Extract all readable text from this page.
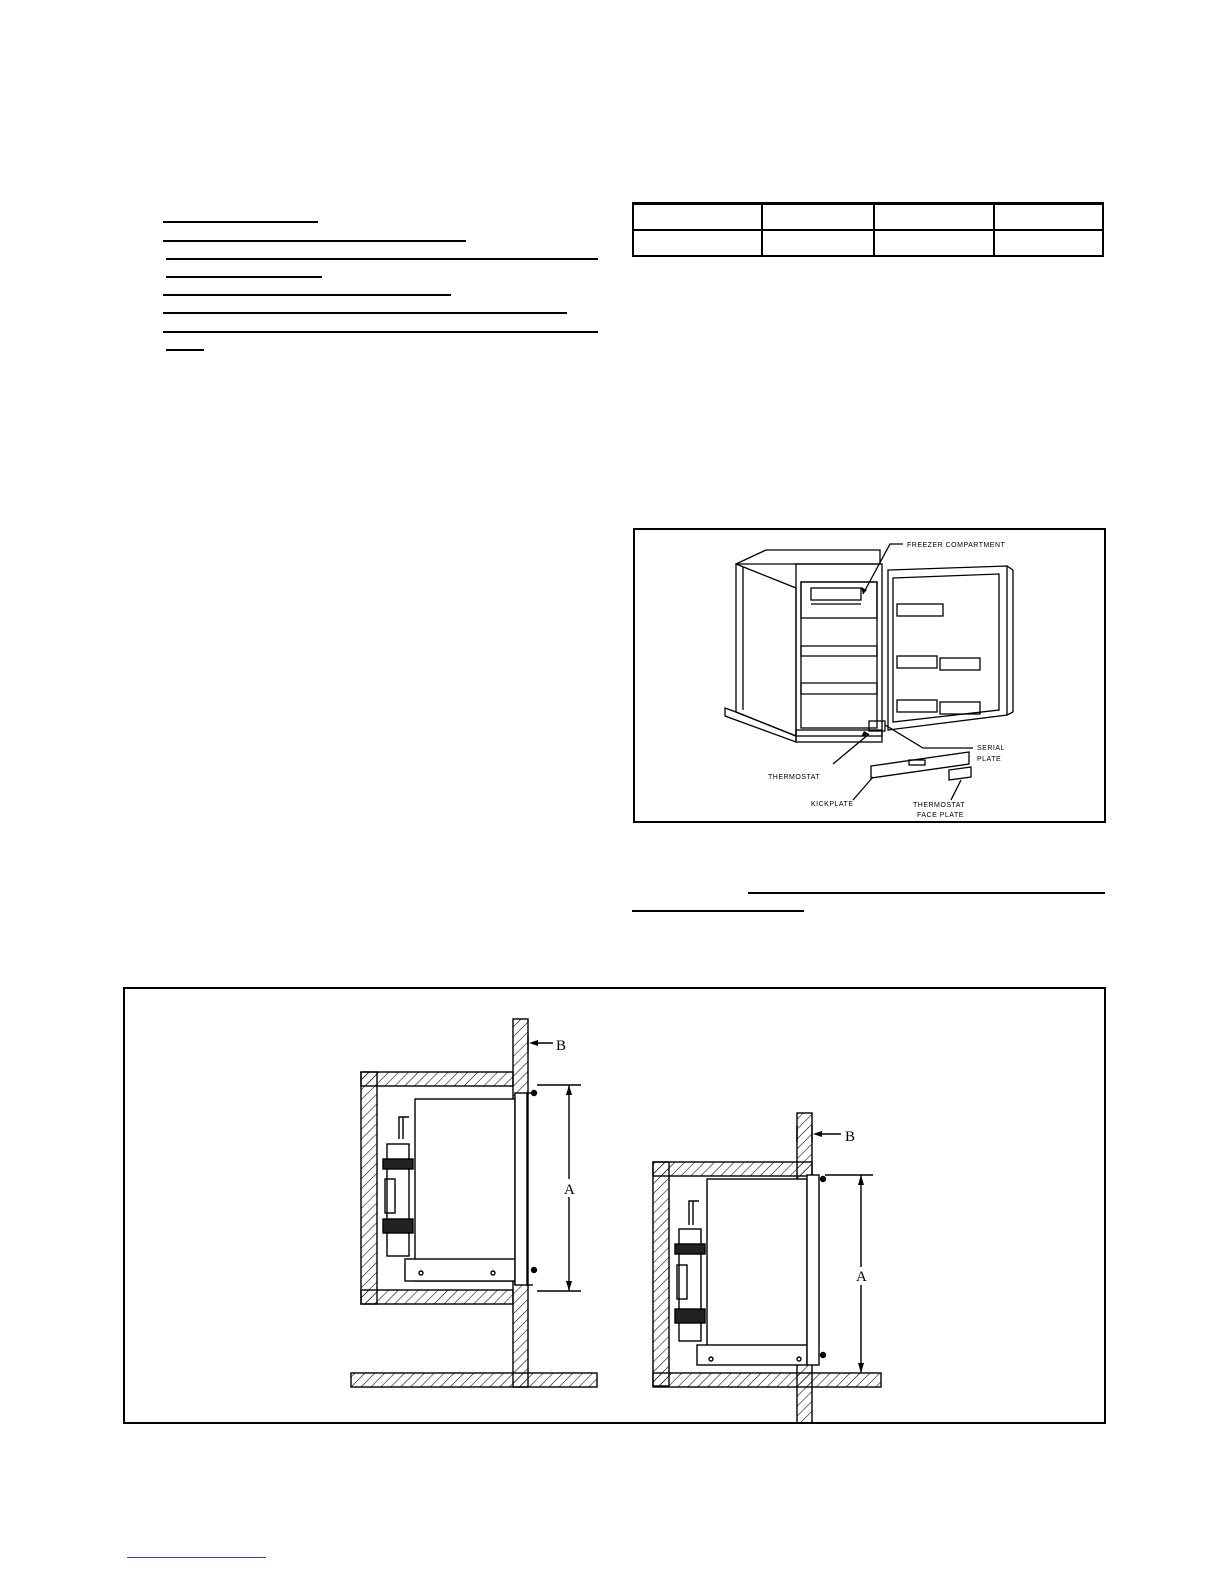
FREEZER COMPARTMENT
SERIAL
PLATE
THERMOSTAT
KICKPLATE	THERMOSTAT
FACE PLATE
A
B
A
B
